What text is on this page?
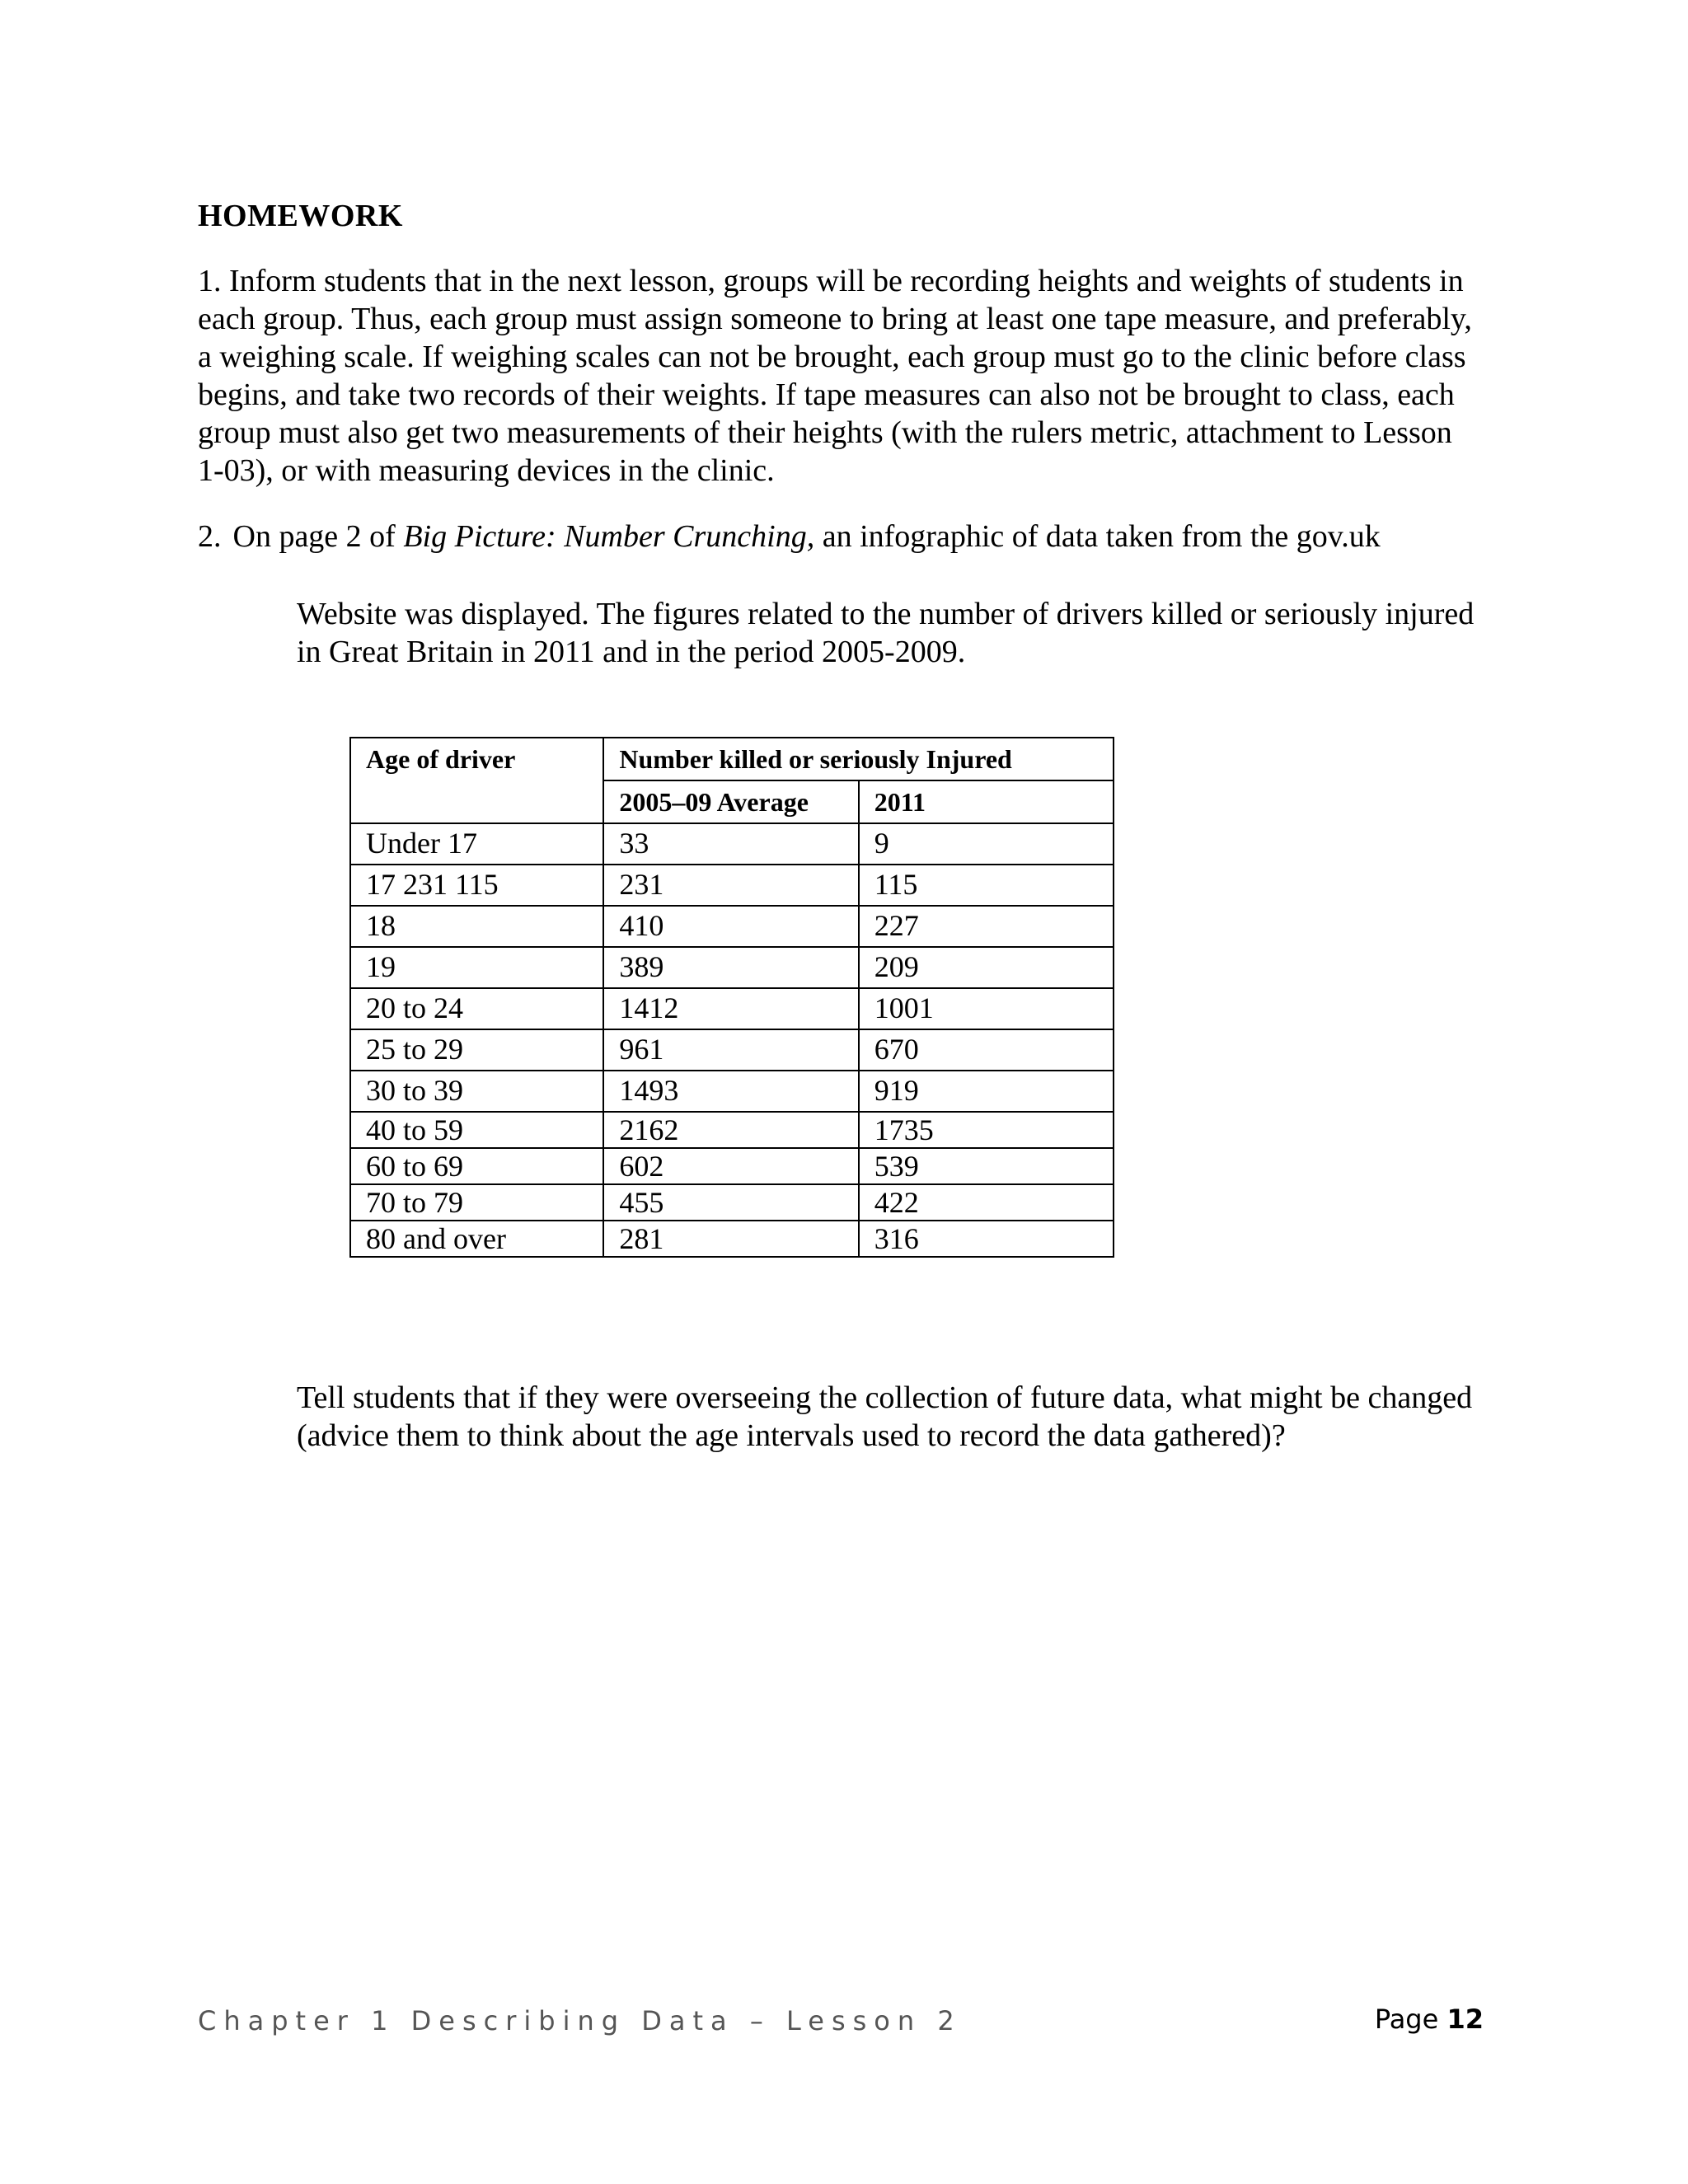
HOMEWORK
1. Inform students that in the next lesson, groups will be recording heights and weights of students in each group. Thus, each group must assign someone to bring at least one tape measure, and preferably, a weighing scale. If weighing scales can not be brought, each group must go to the clinic before class begins, and take two records of their weights. If tape measures can also not be brought to class, each group must also get two measurements of their heights (with the rulers metric, attachment to Lesson 1-03), or with measuring devices in the clinic.
2. On page 2 of Big Picture: Number Crunching, an infographic of data taken from the gov.uk
Website was displayed. The figures related to the number of drivers killed or seriously injured in Great Britain in 2011 and in the period 2005-2009.
Age of driver	Number killed or seriously Injured	
	2005–09 Average	2011
Under 17	33	9
17 231 115	231	115
18	410	227
19	389	209
20 to 24	1412	1001
25 to 29	961	670
30 to 39	1493	919
40 to 59	2162	1735
60 to 69	602	539
70 to 79	455	422
80 and over	281	316
Tell students that if they were overseeing the collection of future data, what might be changed (advice them to think about the age intervals used to record the data gathered)?
Chapter 1 Describing Data – Lesson 2	Page 12
